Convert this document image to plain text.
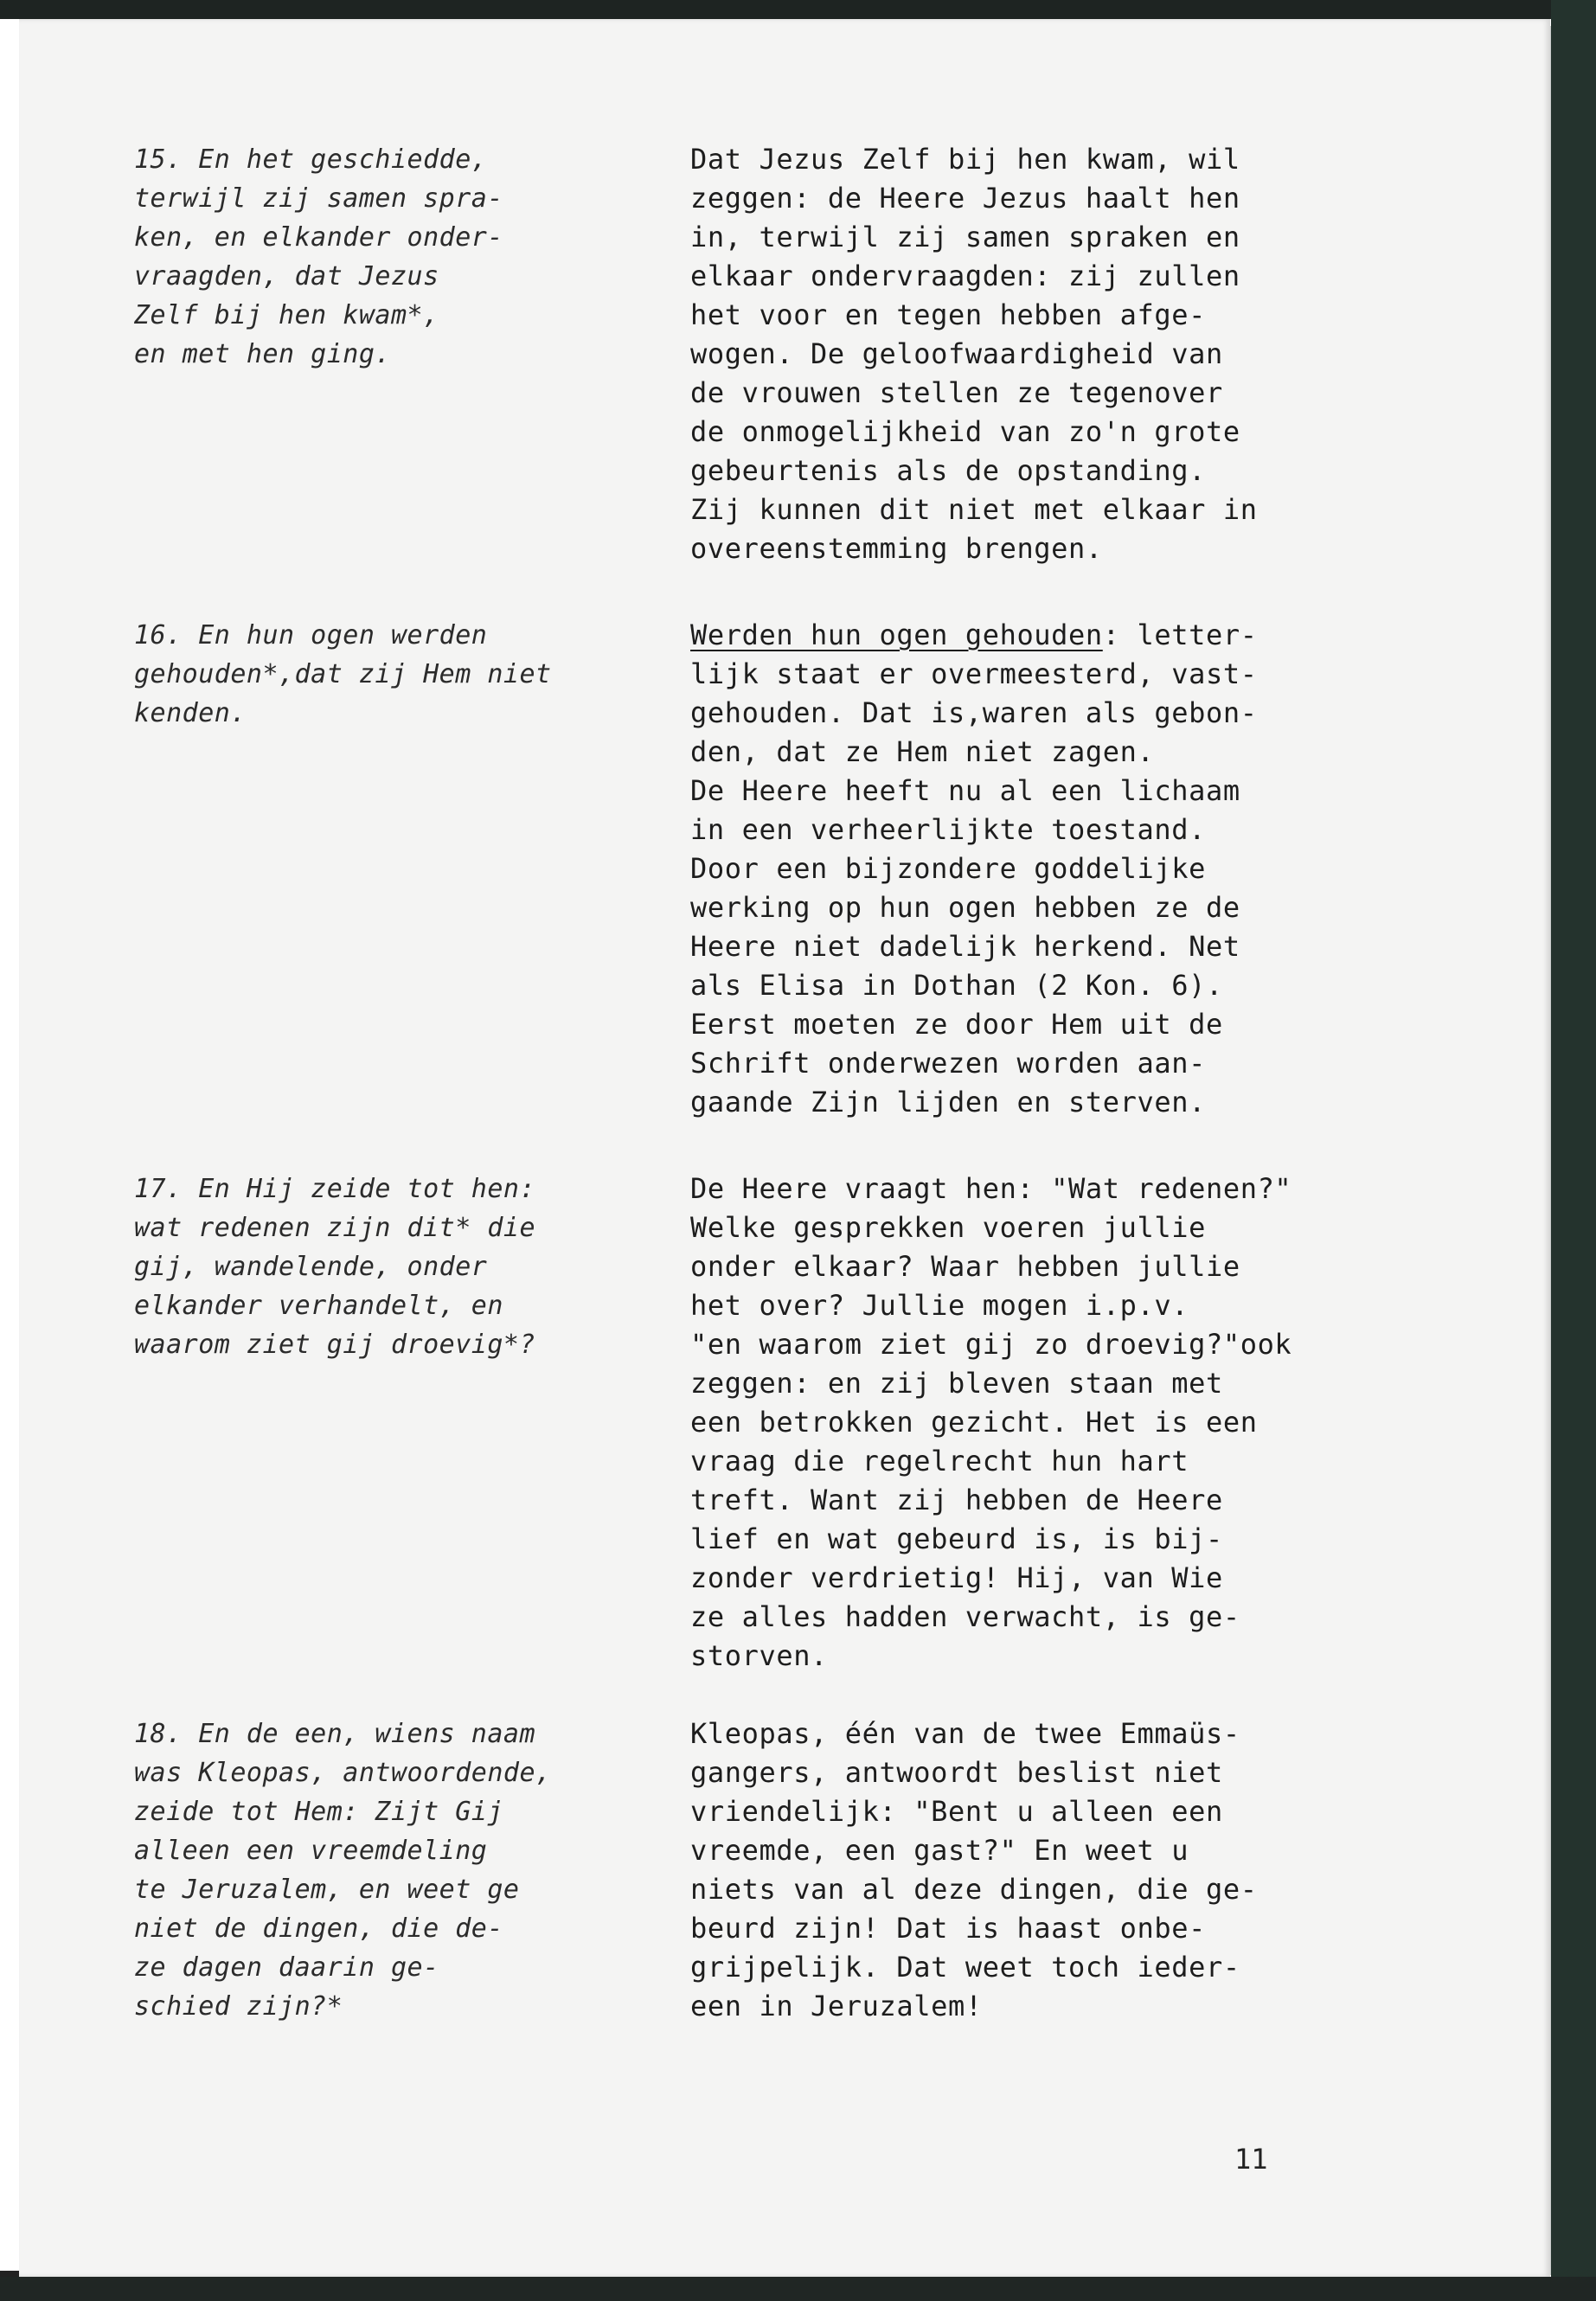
15. En het geschiedde,
terwijl zij samen spra-
ken, en elkander onder-
vraagden, dat Jezus
Zelf bij hen kwam*,
en met hen ging.
Dat Jezus Zelf bij hen kwam, wil
zeggen: de Heere Jezus haalt hen
in, terwijl zij samen spraken en
elkaar ondervraagden: zij zullen
het voor en tegen hebben afge-
wogen. De geloofwaardigheid van
de vrouwen stellen ze tegenover
de onmogelijkheid van zo'n grote
gebeurtenis als de opstanding.
Zij kunnen dit niet met elkaar in
overeenstemming brengen.
16. En hun ogen werden
gehouden*,dat zij Hem niet
kenden.
Werden hun ogen gehouden: letter-
lijk staat er overmeesterd, vast-
gehouden. Dat is,waren als gebon-
den, dat ze Hem niet zagen.
De Heere heeft nu al een lichaam
in een verheerlijkte toestand.
Door een bijzondere goddelijke
werking op hun ogen hebben ze de
Heere niet dadelijk herkend. Net
als Elisa in Dothan (2 Kon. 6).
Eerst moeten ze door Hem uit de
Schrift onderwezen worden aan-
gaande Zijn lijden en sterven.
17. En Hij zeide tot hen:
wat redenen zijn dit* die
gij, wandelende, onder
elkander verhandelt, en
waarom ziet gij droevig*?
De Heere vraagt hen: "Wat redenen?"
Welke gesprekken voeren jullie
onder elkaar? Waar hebben jullie
het over? Jullie mogen i.p.v.
"en waarom ziet gij zo droevig?"ook
zeggen: en zij bleven staan met
een betrokken gezicht. Het is een
vraag die regelrecht hun hart
treft. Want zij hebben de Heere
lief en wat gebeurd is, is bij-
zonder verdrietig! Hij, van Wie
ze alles hadden verwacht, is ge-
storven.
18. En de een, wiens naam
was Kleopas, antwoordende,
zeide tot Hem: Zijt Gij
alleen een vreemdeling
te Jeruzalem, en weet ge
niet de dingen, die de-
ze dagen daarin ge-
schied zijn?*
Kleopas, één van de twee Emmaüs-
gangers, antwoordt beslist niet
vriendelijk: "Bent u alleen een
vreemde, een gast?" En weet u
niets van al deze dingen, die ge-
beurd zijn! Dat is haast onbe-
grijpelijk. Dat weet toch ieder-
een in Jeruzalem!
11
